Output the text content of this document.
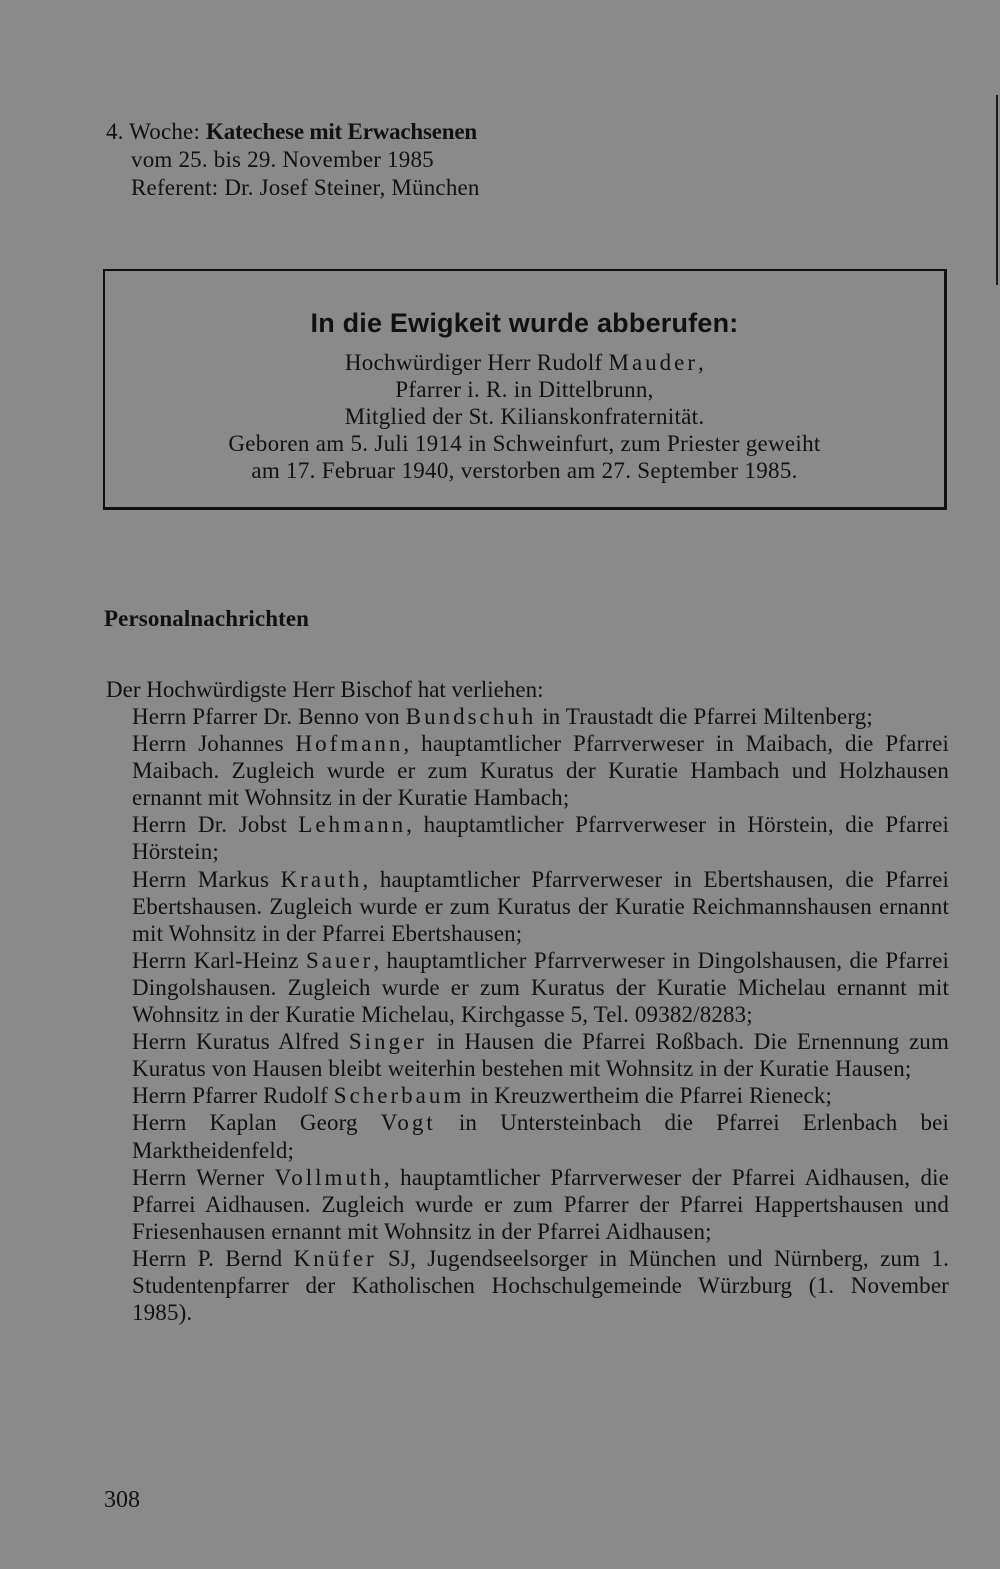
4. Woche: Katechese mit Erwachsenen
vom 25. bis 29. November 1985
Referent: Dr. Josef Steiner, München
In die Ewigkeit wurde abberufen:
Hochwürdiger Herr Rudolf Mauder,
Pfarrer i. R. in Dittelbrunn,
Mitglied der St. Kilianskonfraternität.
Geboren am 5. Juli 1914 in Schweinfurt, zum Priester geweiht
am 17. Februar 1940, verstorben am 27. September 1985.
Personalnachrichten
Der Hochwürdigste Herr Bischof hat verliehen:

Herrn Pfarrer Dr. Benno von Bundschuh in Traustadt die Pfarrei Miltenberg;

Herrn Johannes Hofmann, hauptamtlicher Pfarrverweser in Maibach, die Pfarrei Maibach. Zugleich wurde er zum Kuratus der Kuratie Hambach und Holzhausen ernannt mit Wohnsitz in der Kuratie Hambach;

Herrn Dr. Jobst Lehmann, hauptamtlicher Pfarrverweser in Hörstein, die Pfarrei Hörstein;

Herrn Markus Krauth, hauptamtlicher Pfarrverweser in Ebertshausen, die Pfarrei Ebertshausen. Zugleich wurde er zum Kuratus der Kuratie Reichmannshausen ernannt mit Wohnsitz in der Pfarrei Ebertshausen;

Herrn Karl-Heinz Sauer, hauptamtlicher Pfarrverweser in Dingolshausen, die Pfarrei Dingolshausen. Zugleich wurde er zum Kuratus der Kuratie Michelau ernannt mit Wohnsitz in der Kuratie Michelau, Kirchgasse 5, Tel. 09382/8283;

Herrn Kuratus Alfred Singer in Hausen die Pfarrei Roßbach. Die Ernennung zum Kuratus von Hausen bleibt weiterhin bestehen mit Wohnsitz in der Kuratie Hausen;

Herrn Pfarrer Rudolf Scherbaum in Kreuzwertheim die Pfarrei Rieneck;

Herrn Kaplan Georg Vogt in Untersteinbach die Pfarrei Erlenbach bei Marktheidenfeld;

Herrn Werner Vollmuth, hauptamtlicher Pfarrverweser der Pfarrei Aidhausen, die Pfarrei Aidhausen. Zugleich wurde er zum Pfarrer der Pfarrei Happertshausen und Friesenhausen ernannt mit Wohnsitz in der Pfarrei Aidhausen;

Herrn P. Bernd Knüfer SJ, Jugendseelsorger in München und Nürnberg, zum 1. Studentenpfarrer der Katholischen Hochschulgemeinde Würzburg (1. November 1985).

308
